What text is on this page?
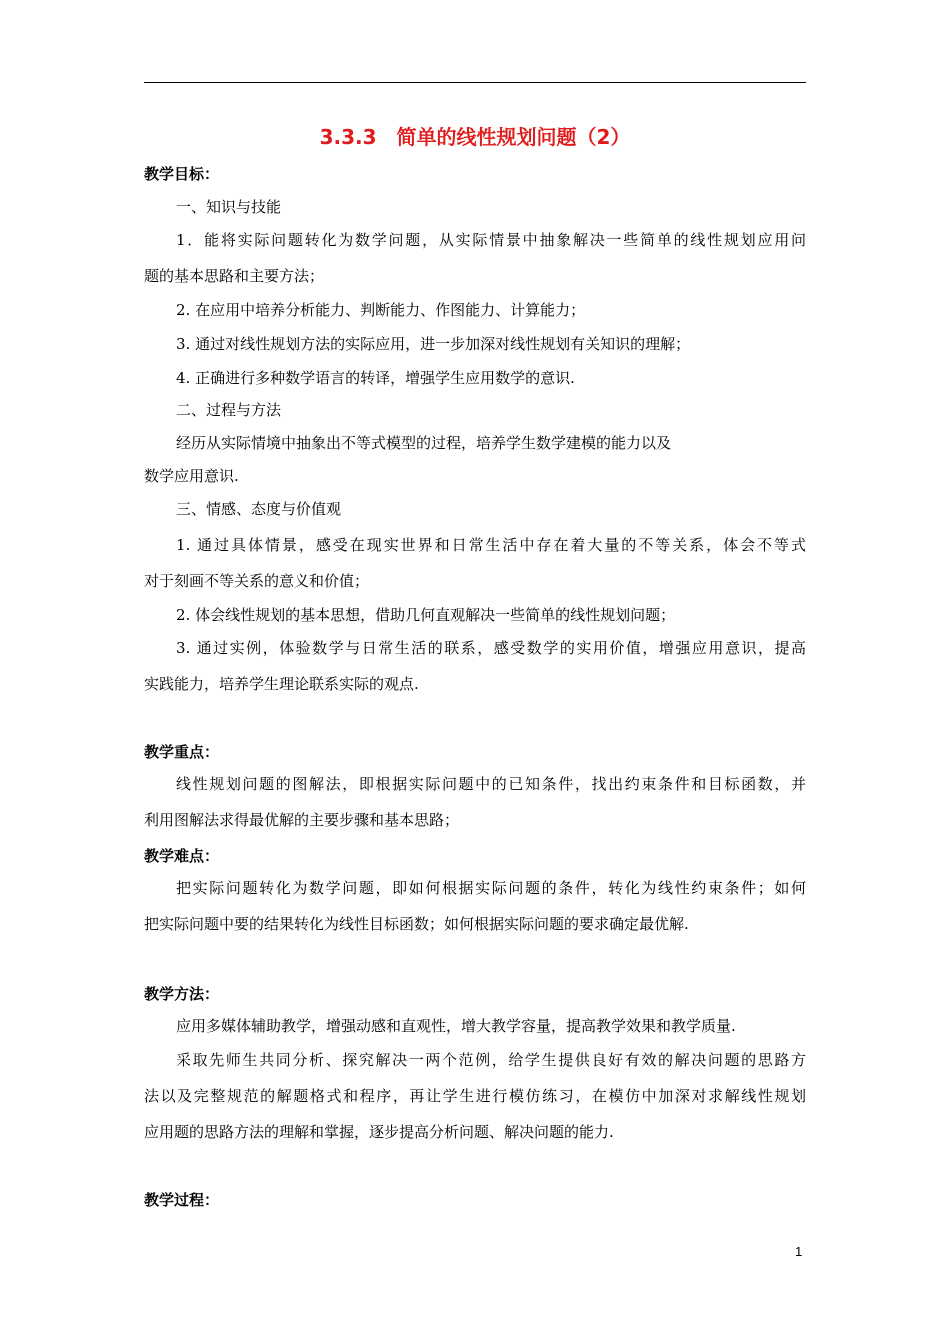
3.3.3　简单的线性规划问题（2）
教学目标：
一、知识与技能
1．能将实际问题转化为数学问题，从实际情景中抽象解决一些简单的线性规划应用问
题的基本思路和主要方法；
2. 在应用中培养分析能力、判断能力、作图能力、计算能力；
3. 通过对线性规划方法的实际应用，进一步加深对线性规划有关知识的理解；
4. 正确进行多种数学语言的转译，增强学生应用数学的意识.
二、过程与方法
经历从实际情境中抽象出不等式模型的过程，培养学生数学建模的能力以及
数学应用意识.
三、情感、态度与价值观
1. 通过具体情景，感受在现实世界和日常生活中存在着大量的不等关系，体会不等式
对于刻画不等关系的意义和价值；
2. 体会线性规划的基本思想，借助几何直观解决一些简单的线性规划问题；
3. 通过实例，体验数学与日常生活的联系，感受数学的实用价值，增强应用意识，提高
实践能力，培养学生理论联系实际的观点.
教学重点：
线性规划问题的图解法，即根据实际问题中的已知条件，找出约束条件和目标函数，并
利用图解法求得最优解的主要步骤和基本思路；
教学难点：
把实际问题转化为数学问题，即如何根据实际问题的条件，转化为线性约束条件；如何
把实际问题中要的结果转化为线性目标函数；如何根据实际问题的要求确定最优解.
教学方法：
应用多媒体辅助教学，增强动感和直观性，增大教学容量，提高教学效果和教学质量.
采取先师生共同分析、探究解决一两个范例，给学生提供良好有效的解决问题的思路方
法以及完整规范的解题格式和程序，再让学生进行模仿练习，在模仿中加深对求解线性规划
应用题的思路方法的理解和掌握，逐步提高分析问题、解决问题的能力.
教学过程：
1
